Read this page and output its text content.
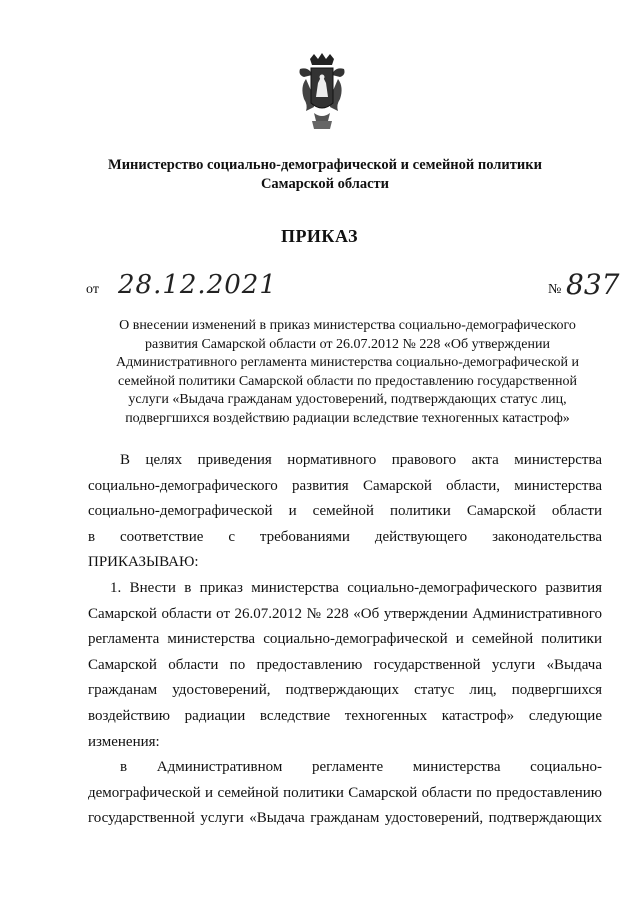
Министерство социально-демографической и семейной политики
Самарской области
ПРИКАЗ
от 28.12.2021	№ 837
О внесении изменений в приказ министерства социально-демографического
развития Самарской области от 26.07.2012 № 228 «Об утверждении
Административного регламента министерства социально-демографической и
семейной политики Самарской области по предоставлению государственной
услуги «Выдача гражданам удостоверений, подтверждающих статус лиц,
подвергшихся воздействию радиации вследствие техногенных катастроф»
В целях приведения нормативного правового акта министерства
социально-демографического развития Самарской области, министерства
социально-демографической и семейной политики Самарской области
в соответствие с требованиями действующего законодательства
ПРИКАЗЫВАЮ:
1. Внести в приказ министерства социально-демографического развития
Самарской области от 26.07.2012 № 228 «Об утверждении Административного
регламента министерства социально-демографической и семейной политики
Самарской области по предоставлению государственной услуги «Выдача
гражданам удостоверений, подтверждающих статус лиц, подвергшихся
воздействию радиации вследствие техногенных катастроф» следующие
изменения:
в Административном регламенте министерства социально-
демографической и семейной политики Самарской области по предоставлению
государственной услуги «Выдача гражданам удостоверений, подтверждающих
